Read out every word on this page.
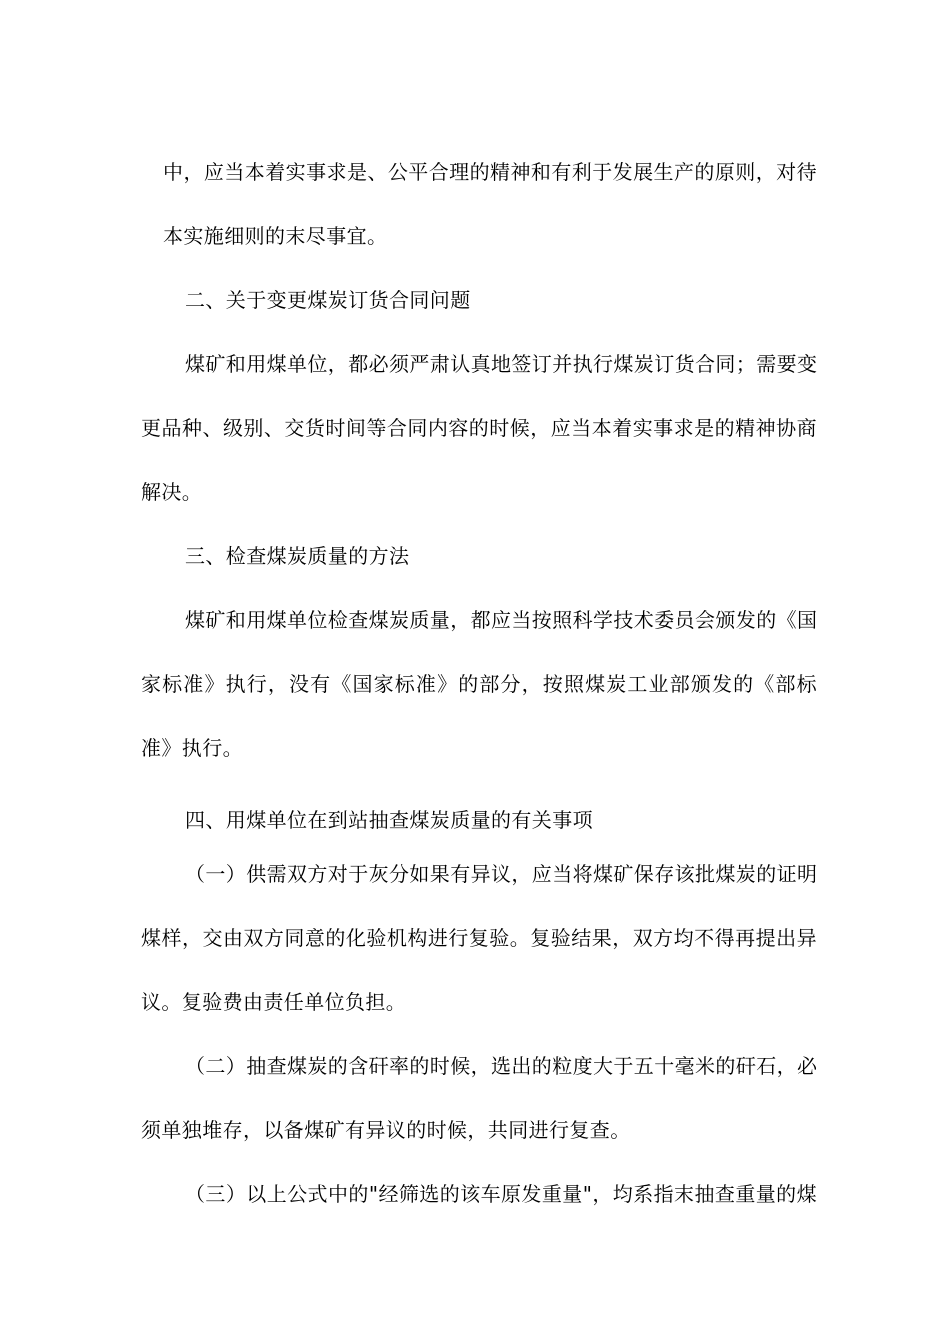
中，应当本着实事求是、公平合理的精神和有利于发展生产的原则，对待
本实施细则的末尽事宜。
二、关于变更煤炭订货合同问题
煤矿和用煤单位，都必须严肃认真地签订并执行煤炭订货合同；需要变
更品种、级别、交货时间等合同内容的时候，应当本着实事求是的精神协商
解决。
三、检查煤炭质量的方法
煤矿和用煤单位检查煤炭质量，都应当按照科学技术委员会颁发的《国
家标准》执行，没有《国家标准》的部分，按照煤炭工业部颁发的《部标
准》执行。
四、用煤单位在到站抽查煤炭质量的有关事项
（一）供需双方对于灰分如果有异议，应当将煤矿保存该批煤炭的证明
煤样，交由双方同意的化验机构进行复验。复验结果，双方均不得再提出异
议。复验费由责任单位负担。
（二）抽查煤炭的含矸率的时候，选出的粒度大于五十毫米的矸石，必
须单独堆存，以备煤矿有异议的时候，共同进行复查。
（三）以上公式中的"经筛选的该车原发重量"，均系指末抽查重量的煤
